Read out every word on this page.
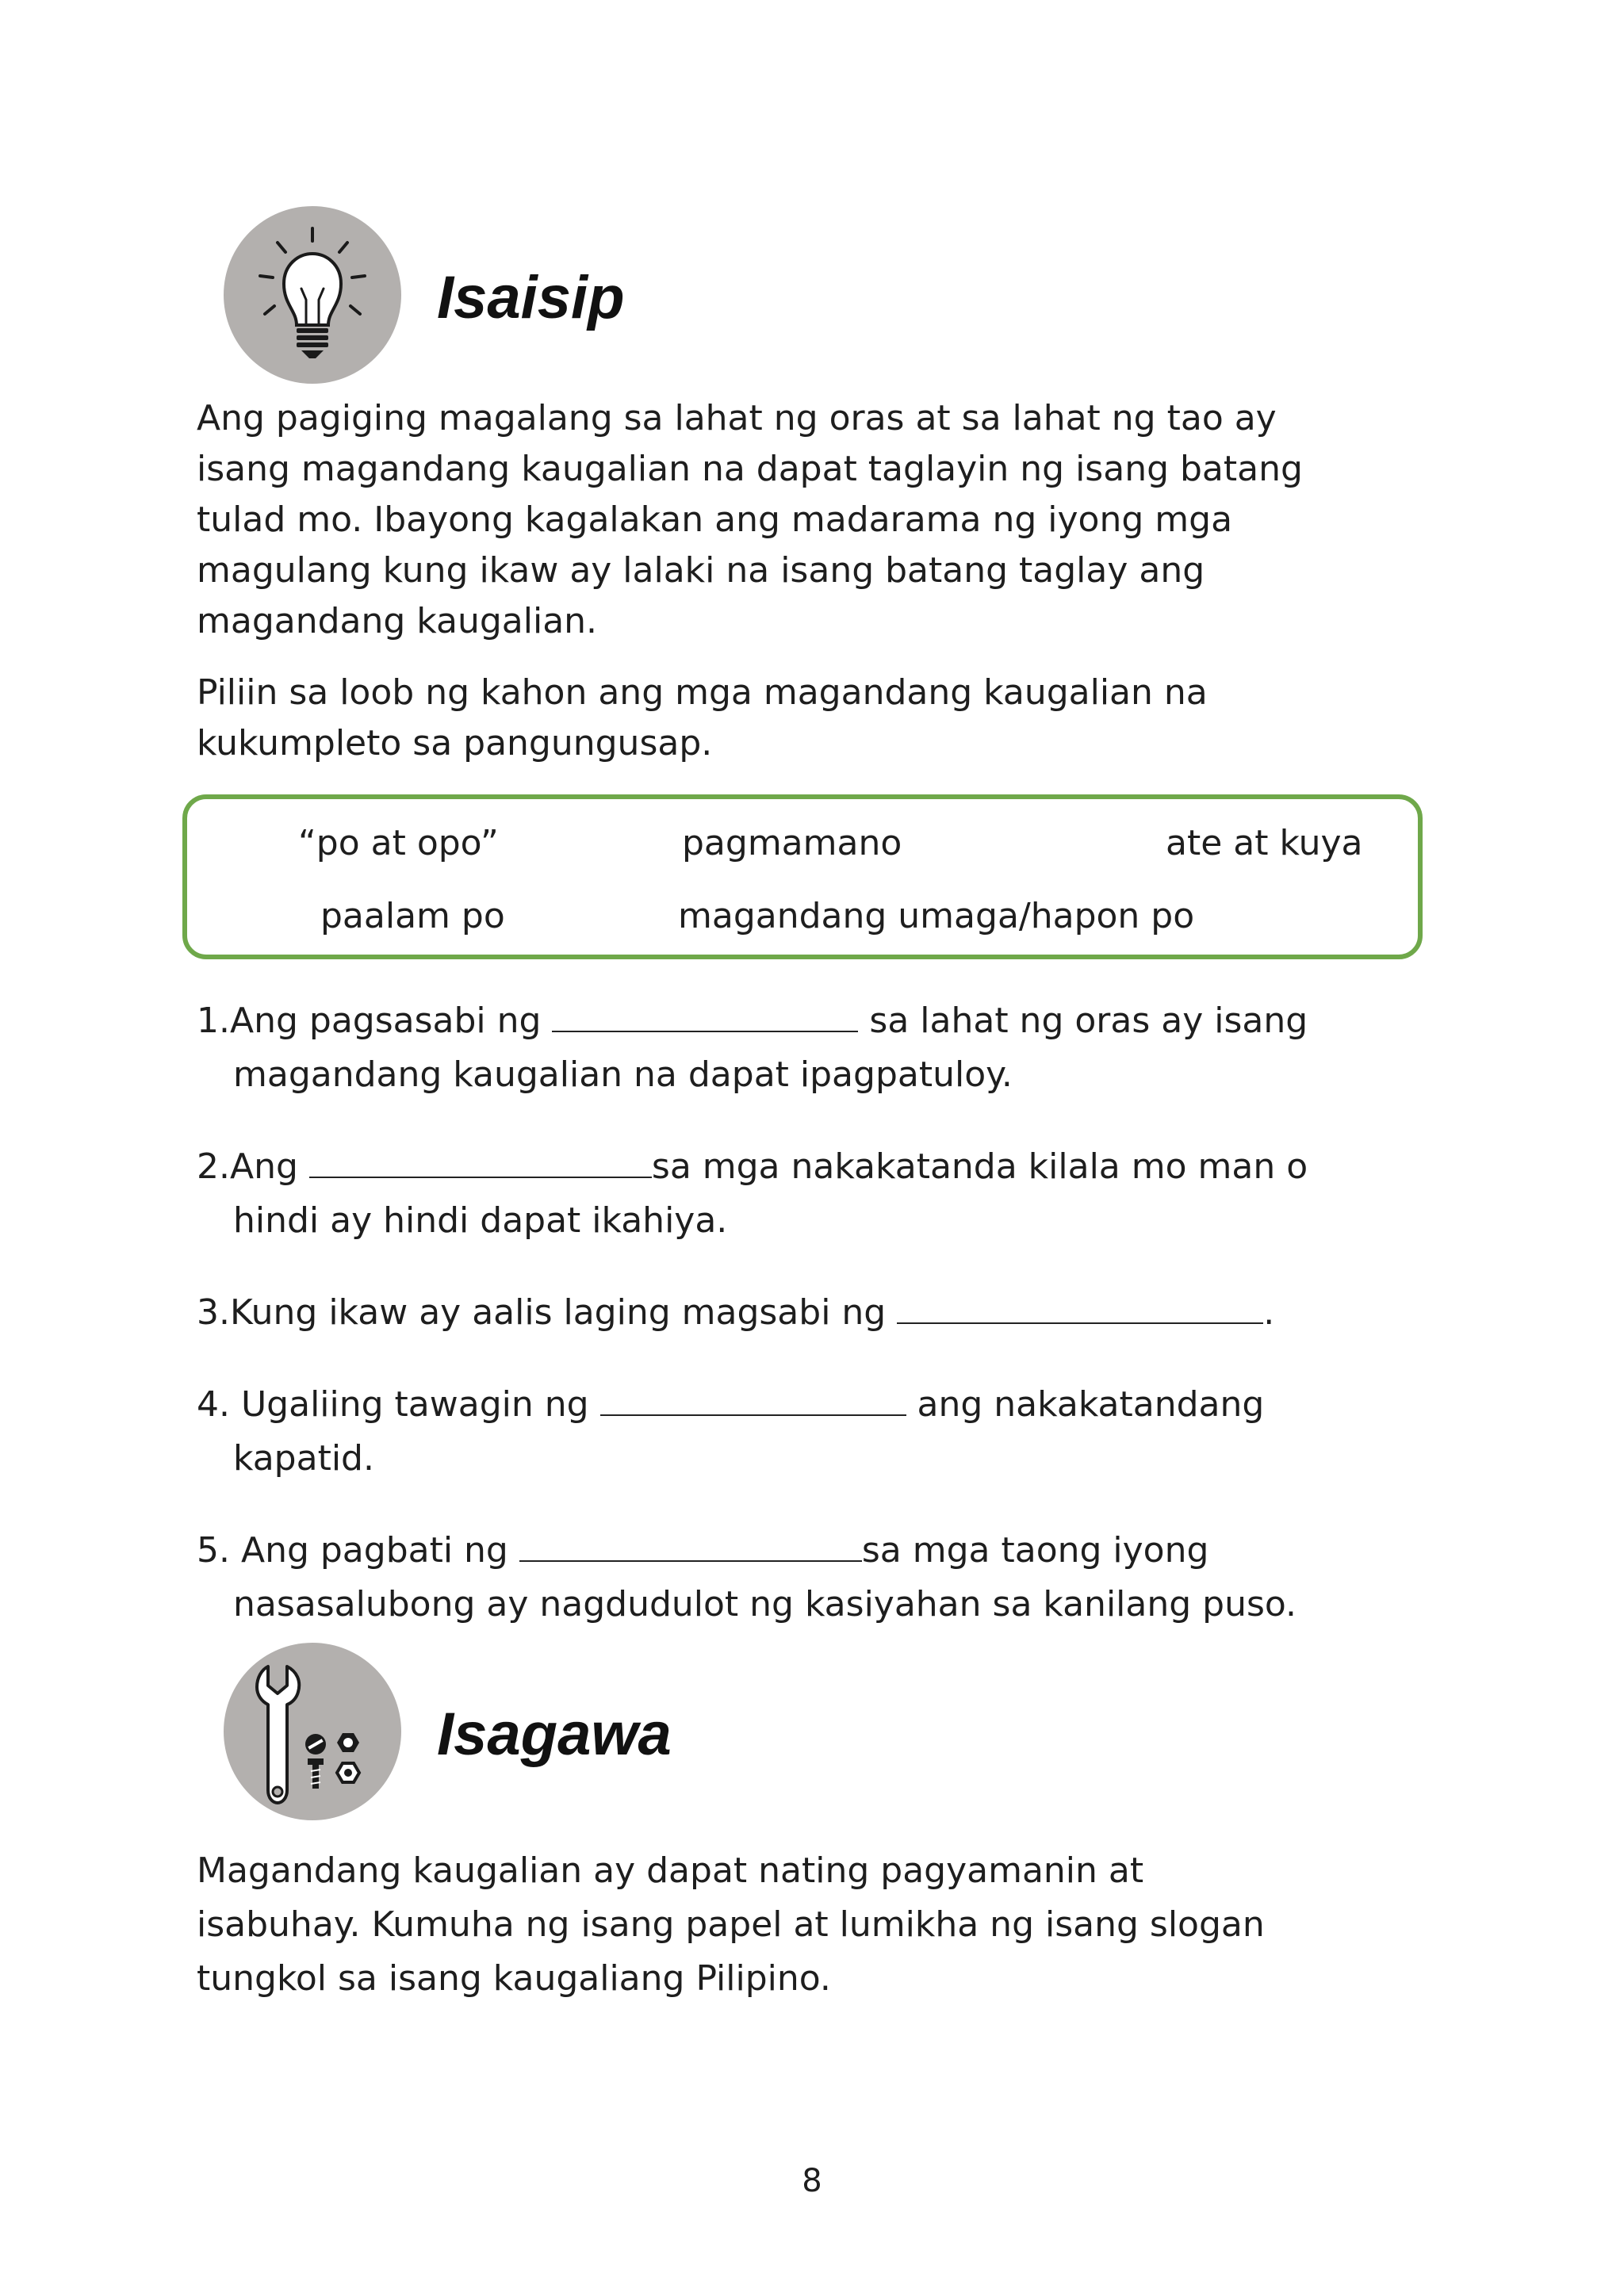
Isaisip
Ang pagiging magalang sa lahat ng oras at sa lahat ng tao ay
isang magandang kaugalian na dapat taglayin ng isang batang
tulad mo. Ibayong kagalakan ang madarama ng iyong mga
magulang kung ikaw ay lalaki na isang batang taglay ang
magandang kaugalian.
Piliin sa loob ng kahon ang mga magandang kaugalian na
kukumpleto sa pangungusap.
“po at opo”	pagmamano	ate at kuya
paalam po	magandang umaga/hapon po
1.Ang pagsasabi ng	sa lahat ng oras ay isang
magandang kaugalian na dapat ipagpatuloy.
2.Ang	sa mga nakakatanda kilala mo man o
hindi ay hindi dapat ikahiya.
3.Kung ikaw ay aalis laging magsabi ng	.
4. Ugaliing tawagin ng	ang nakakatandang
kapatid.
5. Ang pagbati ng	sa mga taong iyong
nasasalubong ay nagdudulot ng kasiyahan sa kanilang puso.
Isagawa
Magandang kaugalian ay dapat nating pagyamanin at
isabuhay. Kumuha ng isang papel at lumikha ng isang slogan
tungkol sa isang kaugaliang Pilipino.
8
